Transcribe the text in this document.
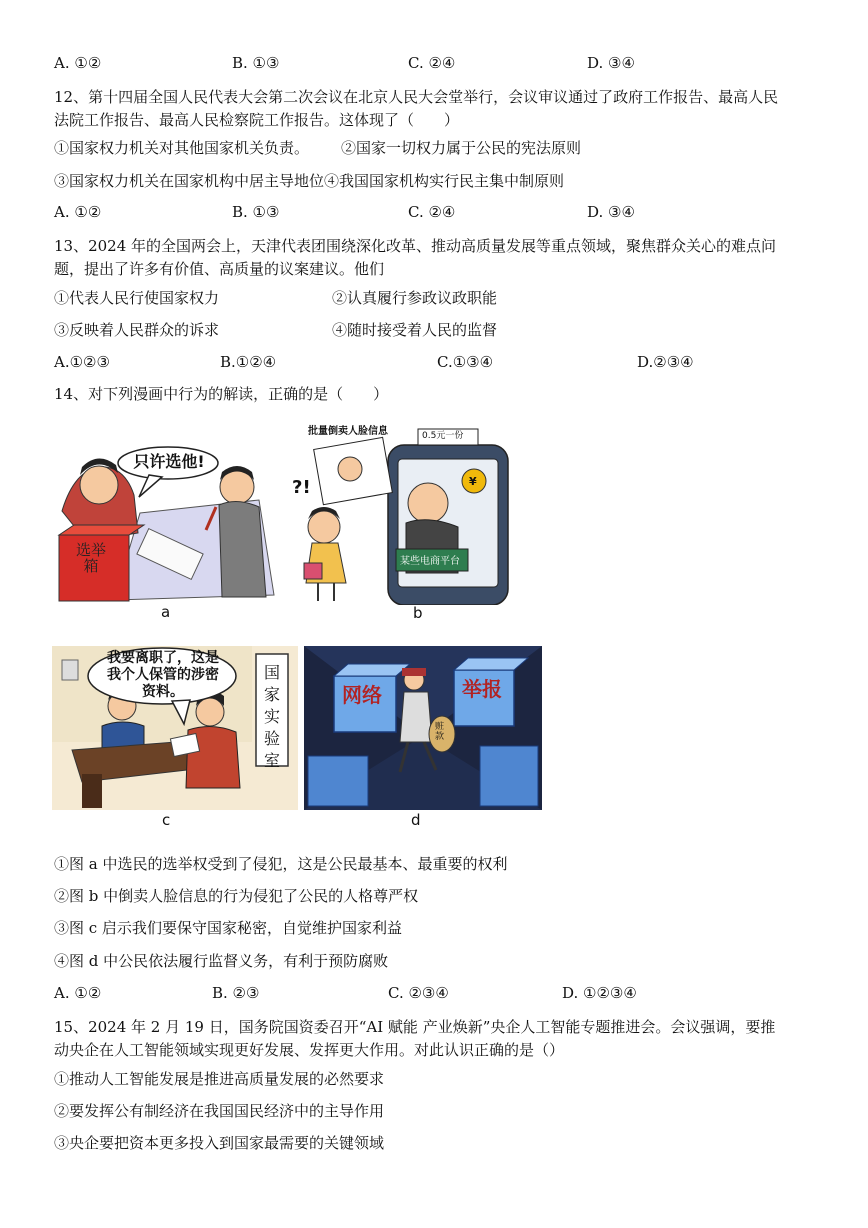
A. ①②	B. ①③	C. ②④	D. ③④
12、第十四届全国人民代表大会第二次会议在北京人民大会堂举行，会议审议通过了政府工作报告、最高人民
法院工作报告、最高人民检察院工作报告。这体现了（　　）
①国家权力机关对其他国家机关负责。 ②国家一切权力属于公民的宪法原则
③国家权力机关在国家机构中居主导地位④我国国家机构实行民主集中制原则
A. ①②	B. ①③	C. ②④	D. ③④
13、2024 年的全国两会上，天津代表团围绕深化改革、推动高质量发展等重点领域，聚焦群众关心的难点问
题，提出了许多有价值、高质量的议案建议。他们
①代表人民行使国家权力	②认真履行参政议政职能
③反映着人民群众的诉求	④随时接受着人民的监督
A.①②③	B.①②④	C.①③④	D.②③④
14、对下列漫画中行为的解读，正确的是（　　）
只许选他!
选举箱
a
批量倒卖人脸信息	0.5元一份
¥
某些电商平台
?!
b
我要离职了，这是我个人保管的涉密资料。
国家实验室
c
网络	举报
赃款
d
①图 a 中选民的选举权受到了侵犯，这是公民最基本、最重要的权利
②图 b 中倒卖人脸信息的行为侵犯了公民的人格尊严权
③图 c 启示我们要保守国家秘密，自觉维护国家利益
④图 d 中公民依法履行监督义务，有利于预防腐败
A. ①②	B. ②③	C. ②③④	D. ①②③④
15、2024 年 2 月 19 日，国务院国资委召开“AI 赋能 产业焕新”央企人工智能专题推进会。会议强调，要推
动央企在人工智能领域实现更好发展、发挥更大作用。对此认识正确的是（）
①推动人工智能发展是推进高质量发展的必然要求
②要发挥公有制经济在我国国民经济中的主导作用
③央企要把资本更多投入到国家最需要的关键领域
